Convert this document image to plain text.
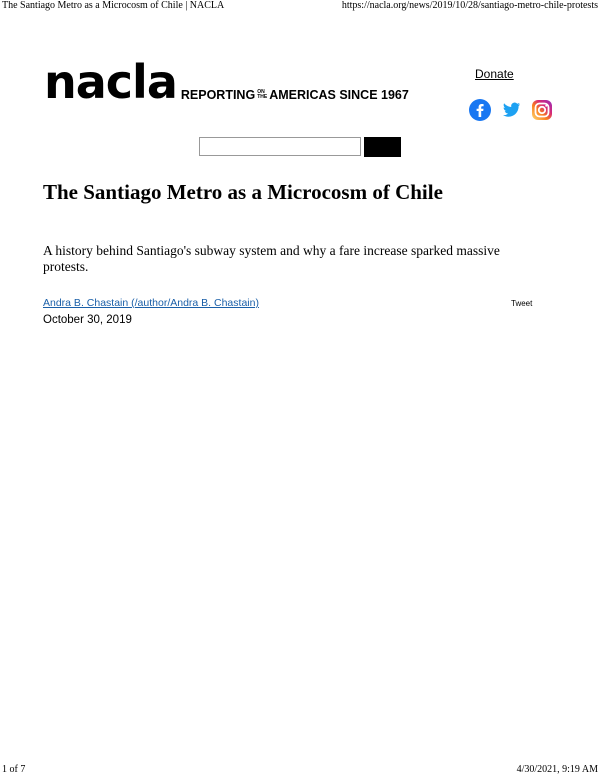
The Santiago Metro as a Microcosm of Chile | NACLA	https://nacla.org/news/2019/10/28/santiago-metro-chile-protests
nacla REPORTING ON
THE AMERICAS SINCE 1967
Donate
The Santiago Metro as a Microcosm of Chile

A history behind Santiago's subway system and why a fare increase sparked massive protests.

Andra B. Chastain (/author/Andra B. Chastain)	Tweet
October 30, 2019
1 of 7	4/30/2021, 9:19 AM
